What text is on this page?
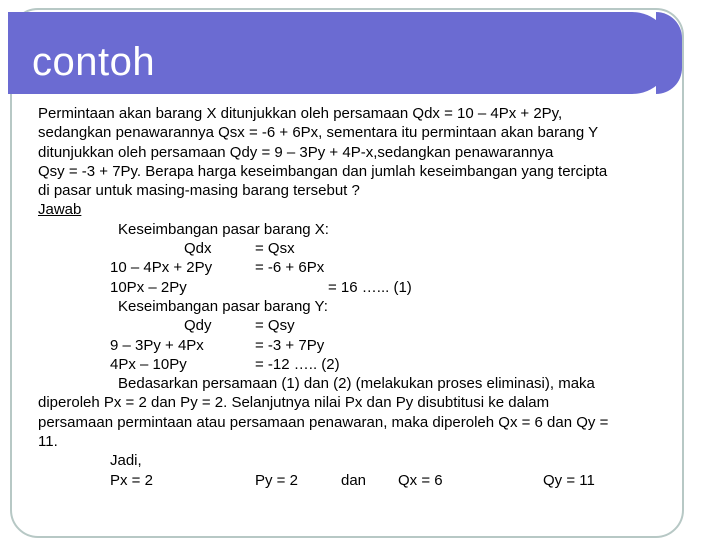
contoh
Permintaan akan barang X ditunjukkan oleh persamaan Qdx = 10 – 4Px + 2Py,
sedangkan penawarannya Qsx = -6 + 6Px, sementara itu permintaan akan barang Y
ditunjukkan oleh persamaan Qdy = 9 – 3Py + 4P-x,sedangkan penawarannya
Qsy = -3 + 7Py. Berapa harga keseimbangan dan jumlah keseimbangan yang tercipta
di pasar untuk masing-masing barang tersebut ?
Jawab
Keseimbangan pasar barang X:
Qdx	= Qsx
10 – 4Px + 2Py	= -6 + 6Px
10Px – 2Py	= 16 …... (1)
Keseimbangan pasar barang Y:
Qdy	= Qsy
9 – 3Py + 4Px	= -3 + 7Py
4Px – 10Py	= -12 ….. (2)
Bedasarkan persamaan (1) dan (2) (melakukan proses eliminasi), maka
diperoleh Px = 2 dan Py = 2. Selanjutnya nilai Px dan Py disubtitusi ke dalam
persamaan permintaan atau persamaan penawaran, maka diperoleh Qx = 6 dan Qy =
11.
Jadi,
Px = 2	Py = 2	dan Qx = 6	Qy = 11
